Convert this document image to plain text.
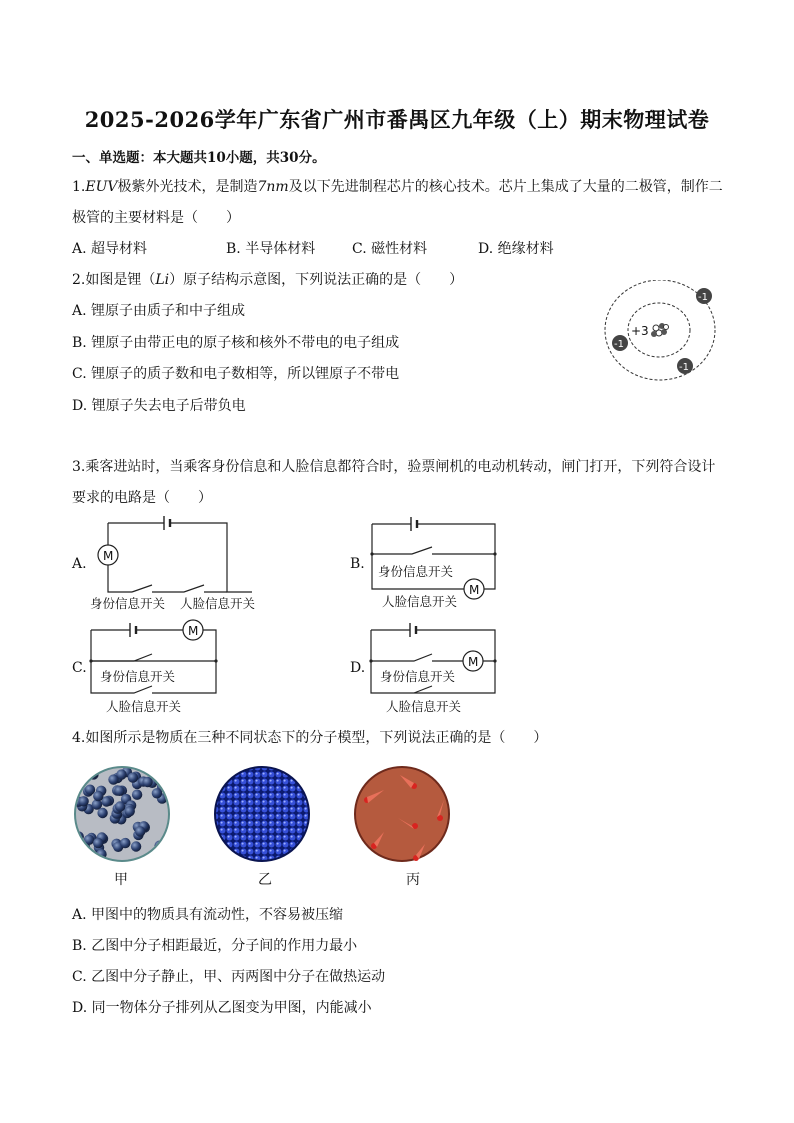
2025-2026学年广东省广州市番禺区九年级（上）期末物理试卷
一、单选题：本大题共10小题，共30分。
1.EUV极紫外光技术，是制造7nm及以下先进制程芯片的核心技术。芯片上集成了大量的二极管，制作二
极管的主要材料是（　　）
A. 超导材料	B. 半导体材料	C. 磁性材料	D. 绝缘材料
2.如图是锂（Li）原子结构示意图，下列说法正确的是（　　）
A. 锂原子由质子和中子组成
B. 锂原子由带正电的原子核和核外不带电的电子组成
C. 锂原子的质子数和电子数相等，所以锂原子不带电
D. 锂原子失去电子后带负电
+3
-1
-1
-1
3.乘客进站时，当乘客身份信息和人脸信息都符合时，验票闸机的电动机转动，闸门打开，下列符合设计
要求的电路是（　　）
A. M
身份信息开关 人脸信息开关
B. 身份信息开关
M
人脸信息开关
C.
M
身份信息开关
人脸信息开关
D.	M
身份信息开关
人脸信息开关
4.如图所示是物质在三种不同状态下的分子模型，下列说法正确的是（　　）
甲	乙	丙
A. 甲图中的物质具有流动性，不容易被压缩
B. 乙图中分子相距最近，分子间的作用力最小
C. 乙图中分子静止，甲、丙两图中分子在做热运动
D. 同一物体分子排列从乙图变为甲图，内能减小
